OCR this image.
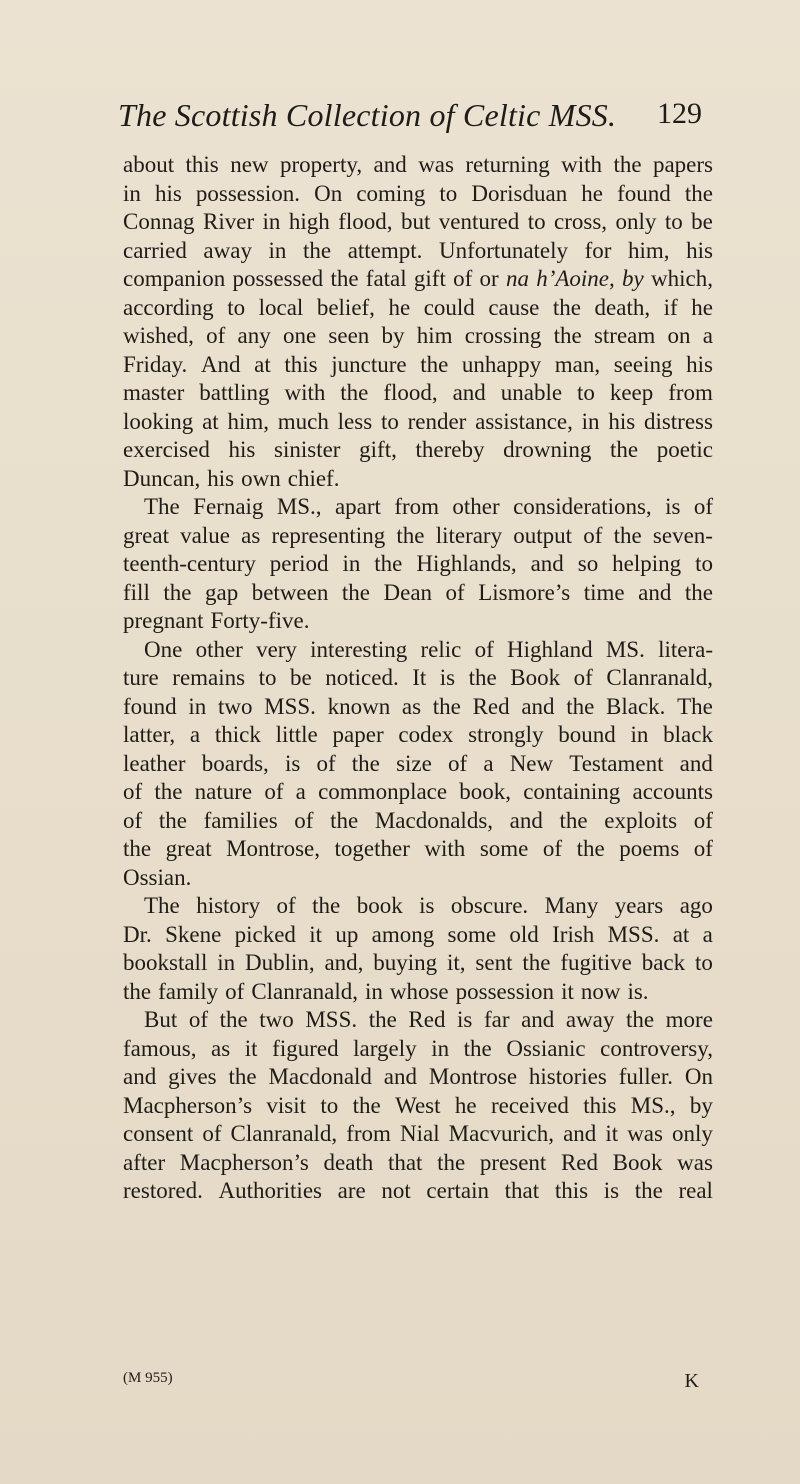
The Scottish Collection of Celtic MSS. 129
about this new property, and was returning with the papers
in his possession. On coming to Dorisduan he found the
Connag River in high flood, but ventured to cross, only to be
carried away in the attempt. Unfortunately for him, his
companion possessed the fatal gift of or na h’Aoine, by which,
according to local belief, he could cause the death, if he
wished, of any one seen by him crossing the stream on a
Friday. And at this juncture the unhappy man, seeing his
master battling with the flood, and unable to keep from
looking at him, much less to render assistance, in his distress
exercised his sinister gift, thereby drowning the poetic
Duncan, his own chief.
The Fernaig MS., apart from other considerations, is of
great value as representing the literary output of the seven-
teenth-century period in the Highlands, and so helping to
fill the gap between the Dean of Lismore’s time and the
pregnant Forty-five.
One other very interesting relic of Highland MS. litera-
ture remains to be noticed. It is the Book of Clanranald,
found in two MSS. known as the Red and the Black. The
latter, a thick little paper codex strongly bound in black
leather boards, is of the size of a New Testament and
of the nature of a commonplace book, containing accounts
of the families of the Macdonalds, and the exploits of
the great Montrose, together with some of the poems of
Ossian.
The history of the book is obscure. Many years ago
Dr. Skene picked it up among some old Irish MSS. at a
bookstall in Dublin, and, buying it, sent the fugitive back to
the family of Clanranald, in whose possession it now is.
But of the two MSS. the Red is far and away the more
famous, as it figured largely in the Ossianic controversy,
and gives the Macdonald and Montrose histories fuller. On
Macpherson’s visit to the West he received this MS., by
consent of Clanranald, from Nial Macvurich, and it was only
after Macpherson’s death that the present Red Book was
restored. Authorities are not certain that this is the real
(M 955)	K
